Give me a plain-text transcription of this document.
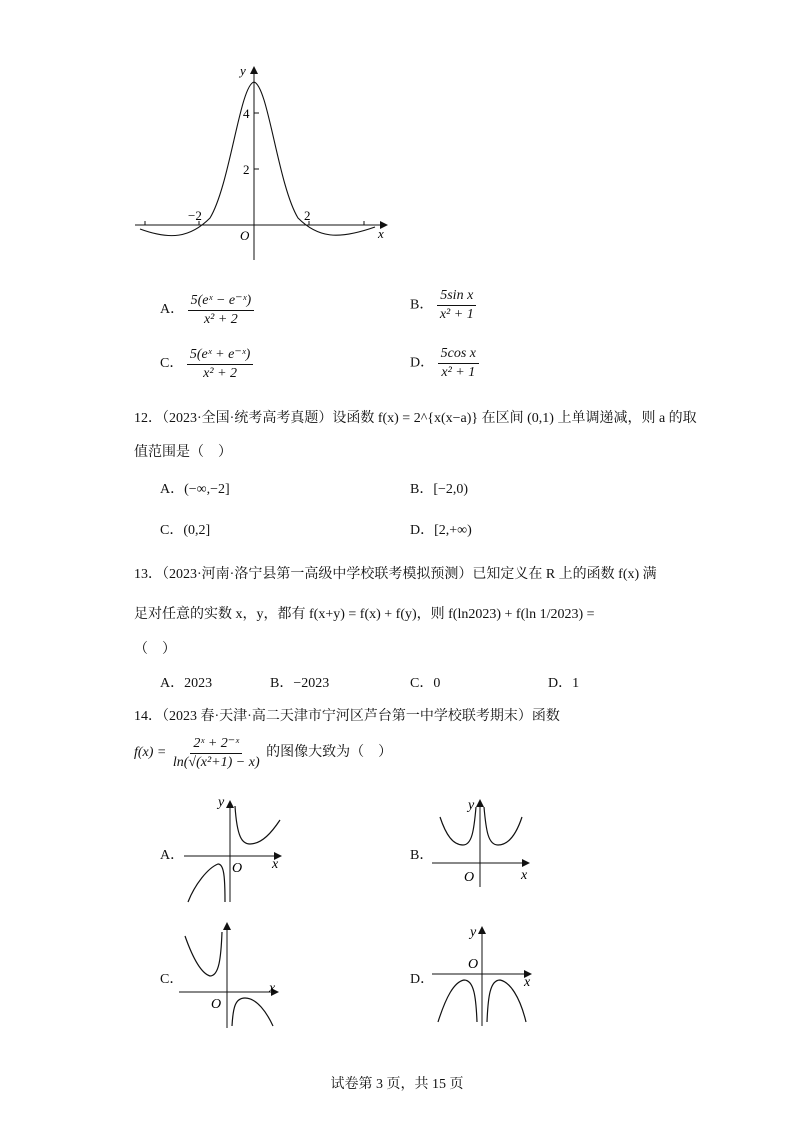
y
x
O
4
2
−2	2
A． $\frac{\text{5(eˣ − e⁻ˣ)}}{\text{x² + 2}}$	B． $\frac{\text{5sin x}}{\text{x² + 1}}$
C． $\frac{\text{5(eˣ + e⁻ˣ)}}{\text{x² + 2}}$	D． $\frac{\text{5cos x}}{\text{x² + 1}}$
12．（2023·全国·统考高考真题）设函数 f(x) = 2^{x(x−a)} 在区间 (0,1) 上单调递减，则 a 的取
值范围是（　）
A．(−∞,−2]	B．[−2,0)
C．(0,2]	D．[2,+∞)
13．（2023·河南·洛宁县第一高级中学校联考模拟预测）已知定义在 R 上的函数 f(x) 满
足对任意的实数 x，y，都有 f(x+y) = f(x) + f(y)，则 f(ln2023) + f(ln 1/2023) =
（　）
A．2023	B．−2023	C．0	D．1
14．（2023 春·天津·高二天津市宁河区芦台第一中学校联考期末）函数
$f(x) = \frac{\text{2ˣ + 2⁻ˣ}}{\text{ln(√(x²+1) − x)}}$ 的图像大致为（　）
A．
y
x
O
B．
y
x
O
C．
x
O
D．
y
x
O
试卷第 3 页，共 15 页
